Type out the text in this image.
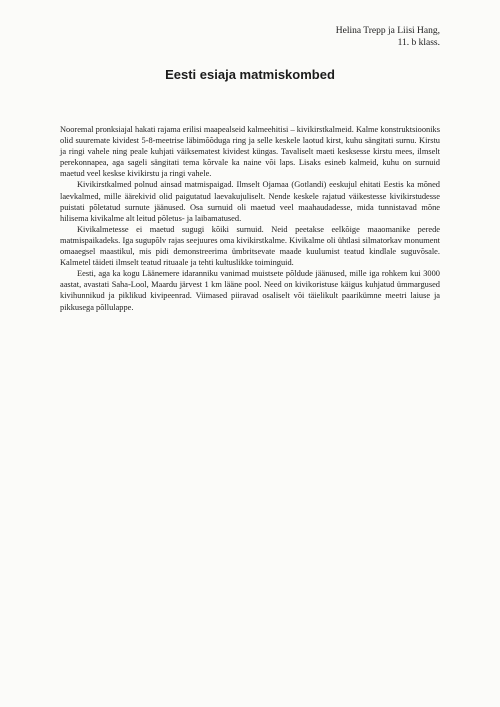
Helina Trepp ja Liisi Hang,
11. b klass.
Eesti esiaja matmiskombed

Nooremal pronksiajal hakati rajama erilisi maapealseid kalmeehitisi – kivikirstkalmeid. Kalme konstruktsiooniks olid suuremate kividest 5-8-meetrise läbimõõduga ring ja selle keskele laotud kirst, kuhu sängitati surnu. Kirstu ja ringi vahele ning peale kuhjati väiksematest kividest küngas. Tavaliselt maeti kesksesse kirstu mees, ilmselt perekonnapea, aga sageli sängitati tema kõrvale ka naine või laps. Lisaks esineb kalmeid, kuhu on surnuid maetud veel keskse kivikirstu ja ringi vahele.

Kivikirstkalmed polnud ainsad matmispaigad. Ilmselt Ojamaa (Gotlandi) eeskujul ehitati Eestis ka mõned laevkalmed, mille äärekivid olid paigutatud laevakujuliselt. Nende keskele rajatud väikestesse kivikirstudesse puistati põletatud surnute jäänused. Osa surnuid oli maetud veel maahaudadesse, mida tunnistavad mõne hilisema kivikalme alt leitud põletus- ja laibamatused.

Kivikalmetesse ei maetud sugugi kõiki surnuid. Neid peetakse eelkõige maaomanike perede matmispaikadeks. Iga sugupõlv rajas seejuures oma kivikirstkalme. Kivikalme oli ühtlasi silmatorkav monument omaaegsel maastikul, mis pidi demonstreerima ümbritsevate maade kuulumist teatud kindlale suguvõsale. Kalmetel täideti ilmselt teatud rituaale ja tehti kultuslikke toiminguid.

Eesti, aga ka kogu Läänemere idaranniku vanimad muistsete põldude jäänused, mille iga rohkem kui 3000 aastat, avastati Saha-Lool, Maardu järvest 1 km lääne pool. Need on kivikoristuse käigus kuhjatud ümmargused kivihunnikud ja piklikud kivipeenrad. Viimased piiravad osaliselt või täielikult paarikümne meetri laiuse ja pikkusega põllulappe.
